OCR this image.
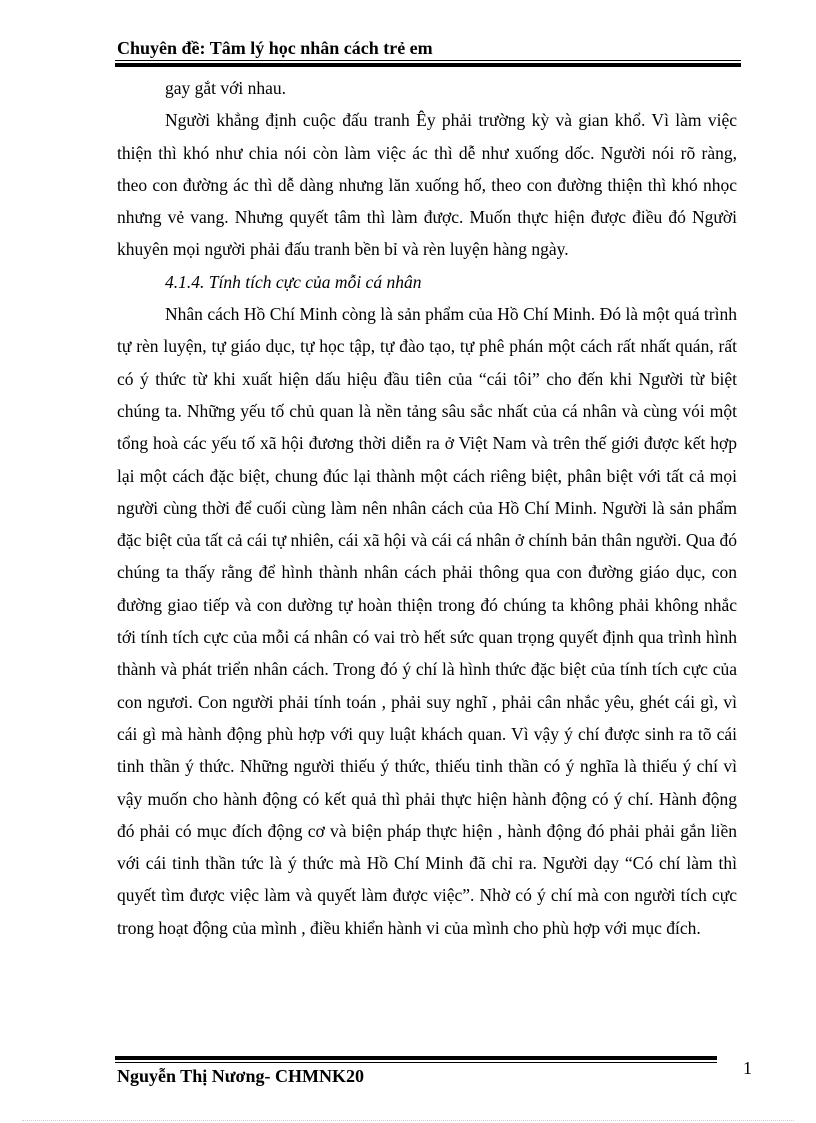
Chuyên đề: Tâm lý học nhân cách trẻ em

gay gắt với nhau.

Người khẳng định cuộc đấu tranh Êy phải trường kỳ và gian khổ. Vì làm việc thiện thì khó như chia nói còn làm việc ác thì dễ như xuống dốc. Người nói rõ ràng, theo con đường ác thì dễ dàng nhưng lăn xuống hố, theo con đường thiện thì khó nhọc nhưng vẻ vang. Nhưng quyết tâm thì làm được. Muốn thực hiện được điều đó Người khuyên mọi người phải đấu tranh bền bỉ và rèn luyện hàng ngày.

4.1.4. Tính tích cực của mỗi cá nhân

Nhân cách Hồ Chí Minh còng là sản phẩm của Hồ Chí Minh. Đó là một quá trình tự rèn luyện, tự giáo dục, tự học tập, tự đào tạo, tự phê phán một cách rất nhất quán, rất có ý thức từ khi xuất hiện dấu hiệu đầu tiên của “cái tôi” cho đến khi Người từ biệt chúng ta. Những yếu tố chủ quan là nền tảng sâu sắc nhất của cá nhân và cùng vói một tổng hoà các yếu tố xã hội đương thời diễn ra ở Việt Nam và trên thế giới được kết hợp lại một cách đặc biệt, chung đúc lại thành một cách riêng biệt, phân biệt với tất cả mọi người cùng thời để cuối cùng làm nên nhân cách của Hồ Chí Minh. Người là sản phẩm đặc biệt của tất cả cái tự nhiên, cái xã hội và cái cá nhân ở chính bản thân người. Qua đó chúng ta thấy rằng để hình thành nhân cách phải thông qua con đường giáo dục, con đường giao tiếp và con dường tự hoàn thiện trong đó chúng ta không phải không nhắc tới tính tích cực của mỗi cá nhân có vai trò hết sức quan trọng quyết định qua trình hình thành và phát triển nhân cách. Trong đó ý chí là hình thức đặc biệt của tính tích cực của con ngươi. Con người phải tính toán , phải suy nghĩ , phải cân nhắc yêu, ghét cái gì, vì cái gì mà hành động phù hợp với quy luật khách quan. Vì vậy ý chí được sinh ra tõ cái tinh thần ý thức. Những người thiếu ý thức, thiếu tinh thần có ý nghĩa là thiếu ý chí vì vậy muốn cho hành động có kết quả thì phải thực hiện hành động có ý chí. Hành động đó phải có mục đích động cơ và biện pháp thực hiện , hành động đó phải phải gắn liền với cái tinh thần tức là ý thức mà Hồ Chí Minh đã chỉ ra. Người dạy “Có chí làm thì quyết tìm được việc làm và quyết làm được việc”. Nhờ có ý chí mà con người tích cực trong hoạt động của mình , điều khiển hành vi của mình cho phù hợp với mục đích.

Nguyễn Thị Nương- CHMNK20	1
